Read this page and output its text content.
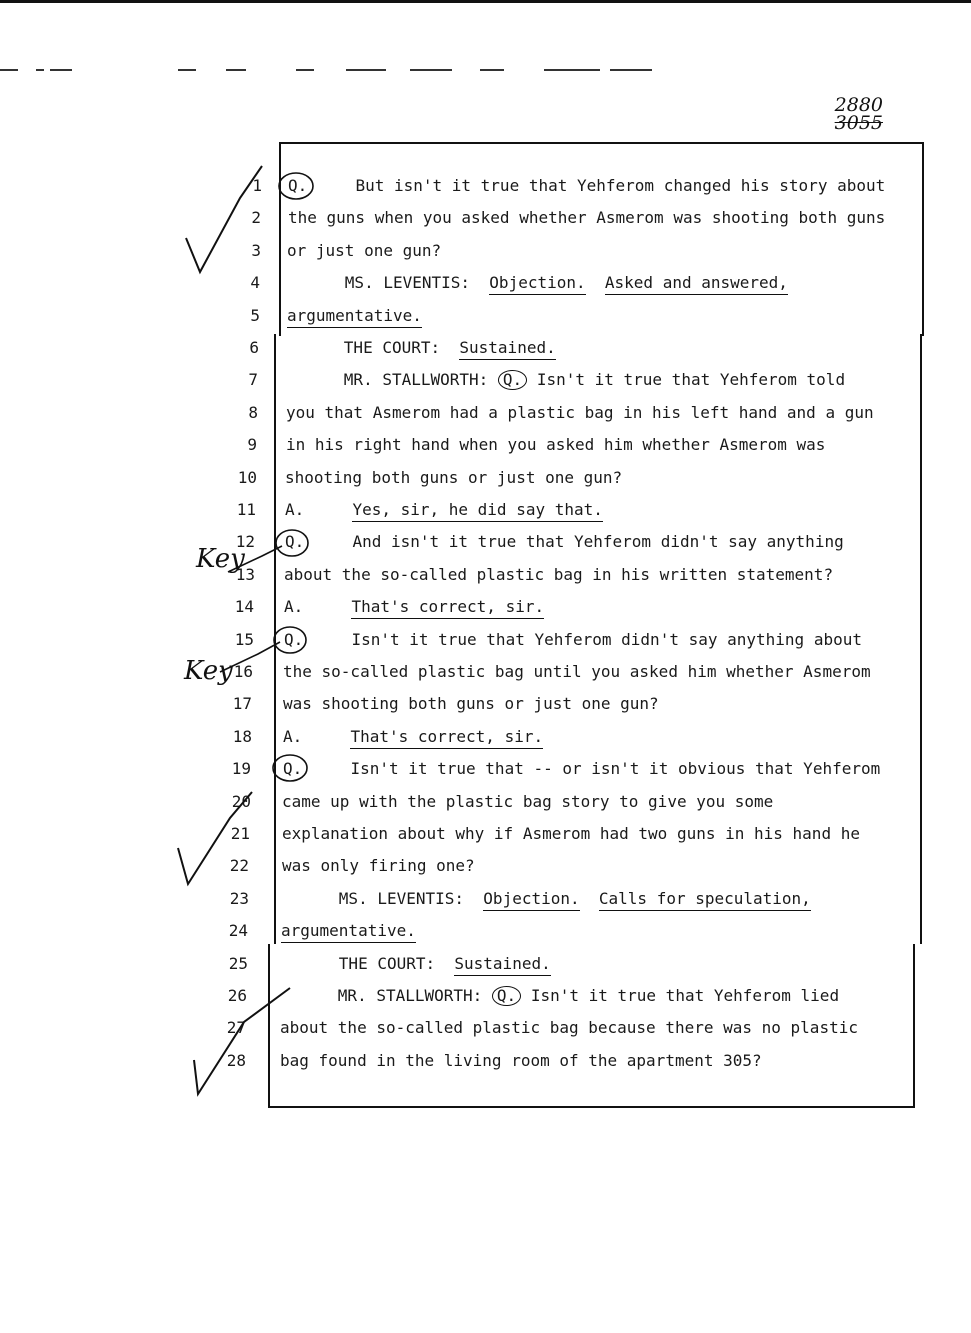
2880
3055
1 Q.	But isn't it true that Yehferom changed his story about
2 the guns when you asked whether Asmerom was shooting both guns
3 or just one gun?
4	MS. LEVENTIS:  Objection. Asked and answered,
5 argumentative.
6	THE COURT:  Sustained.
7	MR. STALLWORTH: Q. Isn't it true that Yehferom told
8 you that Asmerom had a plastic bag in his left hand and a gun
9 in his right hand when you asked him whether Asmerom was
10 shooting both guns or just one gun?
11 A.     Yes, sir, he did say that.
12 Q.	And isn't it true that Yehferom didn't say anything
13 about the so-called plastic bag in his written statement?
14 A.     That's correct, sir.
15 Q.	Isn't it true that Yehferom didn't say anything about
16 the so-called plastic bag until you asked him whether Asmerom
17 was shooting both guns or just one gun?
18 A.     That's correct, sir.
19 Q.	Isn't it true that -- or isn't it obvious that Yehferom
20 came up with the plastic bag story to give you some
21 explanation about why if Asmerom had two guns in his hand he
22 was only firing one?
23	MS. LEVENTIS:  Objection. Calls for speculation,
24 argumentative.
25	THE COURT:  Sustained.
26	MR. STALLWORTH: Q. Isn't it true that Yehferom lied
27 about the so-called plastic bag because there was no plastic
28 bag found in the living room of the apartment 305?
Key
Key
